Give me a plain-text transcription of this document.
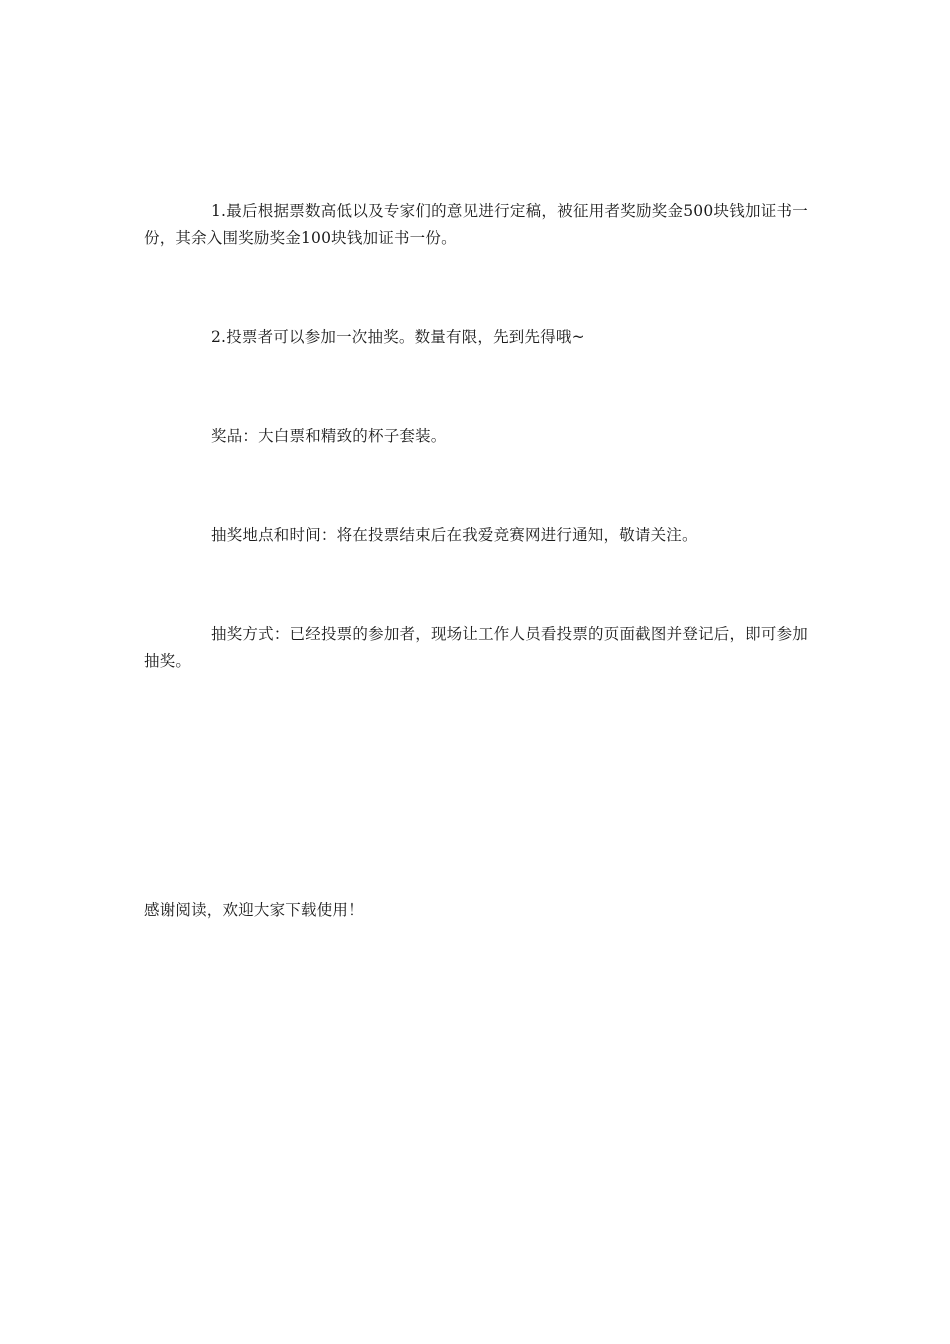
1.最后根据票数高低以及专家们的意见进行定稿，被征用者奖励奖金500块钱加证书一份，其余入围奖励奖金100块钱加证书一份。

2.投票者可以参加一次抽奖。数量有限，先到先得哦~

奖品：大白票和精致的杯子套装。

抽奖地点和时间：将在投票结束后在我爱竞赛网进行通知，敬请关注。

抽奖方式：已经投票的参加者，现场让工作人员看投票的页面截图并登记后，即可参加抽奖。

感谢阅读，欢迎大家下载使用！
